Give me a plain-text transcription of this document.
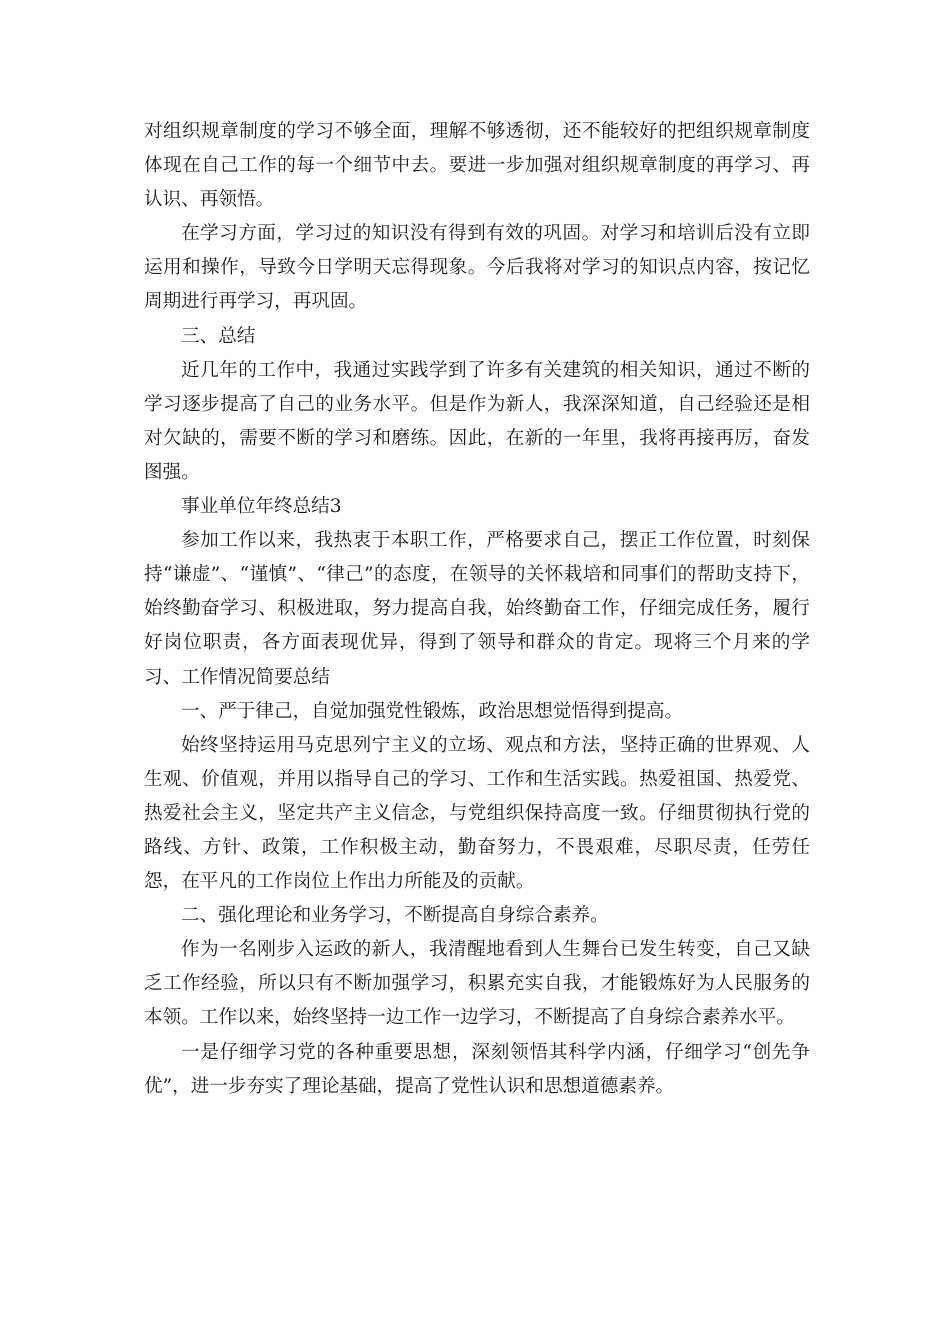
对组织规章制度的学习不够全面，理解不够透彻，还不能较好的把组织规章制度体现在自己工作的每一个细节中去。要进一步加强对组织规章制度的再学习、再认识、再领悟。

在学习方面，学习过的知识没有得到有效的巩固。对学习和培训后没有立即运用和操作，导致今日学明天忘得现象。今后我将对学习的知识点内容，按记忆周期进行再学习，再巩固。

三、总结

近几年的工作中，我通过实践学到了许多有关建筑的相关知识，通过不断的学习逐步提高了自己的业务水平。但是作为新人，我深深知道，自己经验还是相对欠缺的，需要不断的学习和磨练。因此，在新的一年里，我将再接再厉，奋发图强。

事业单位年终总结3

参加工作以来，我热衷于本职工作，严格要求自己，摆正工作位置，时刻保持“谦虚”、“谨慎”、“律己”的态度，在领导的关怀栽培和同事们的帮助支持下，始终勤奋学习、积极进取，努力提高自我，始终勤奋工作，仔细完成任务，履行好岗位职责，各方面表现优异，得到了领导和群众的肯定。现将三个月来的学习、工作情况简要总结

一、严于律己，自觉加强党性锻炼，政治思想觉悟得到提高。

始终坚持运用马克思列宁主义的立场、观点和方法，坚持正确的世界观、人生观、价值观，并用以指导自己的学习、工作和生活实践。热爱祖国、热爱党、热爱社会主义，坚定共产主义信念，与党组织保持高度一致。仔细贯彻执行党的路线、方针、政策，工作积极主动，勤奋努力，不畏艰难，尽职尽责，任劳任怨，在平凡的工作岗位上作出力所能及的贡献。

二、强化理论和业务学习，不断提高自身综合素养。

作为一名刚步入运政的新人，我清醒地看到人生舞台已发生转变，自己又缺乏工作经验，所以只有不断加强学习，积累充实自我，才能锻炼好为人民服务的本领。工作以来，始终坚持一边工作一边学习，不断提高了自身综合素养水平。

一是仔细学习党的各种重要思想，深刻领悟其科学内涵，仔细学习“创先争优”，进一步夯实了理论基础，提高了党性认识和思想道德素养。
